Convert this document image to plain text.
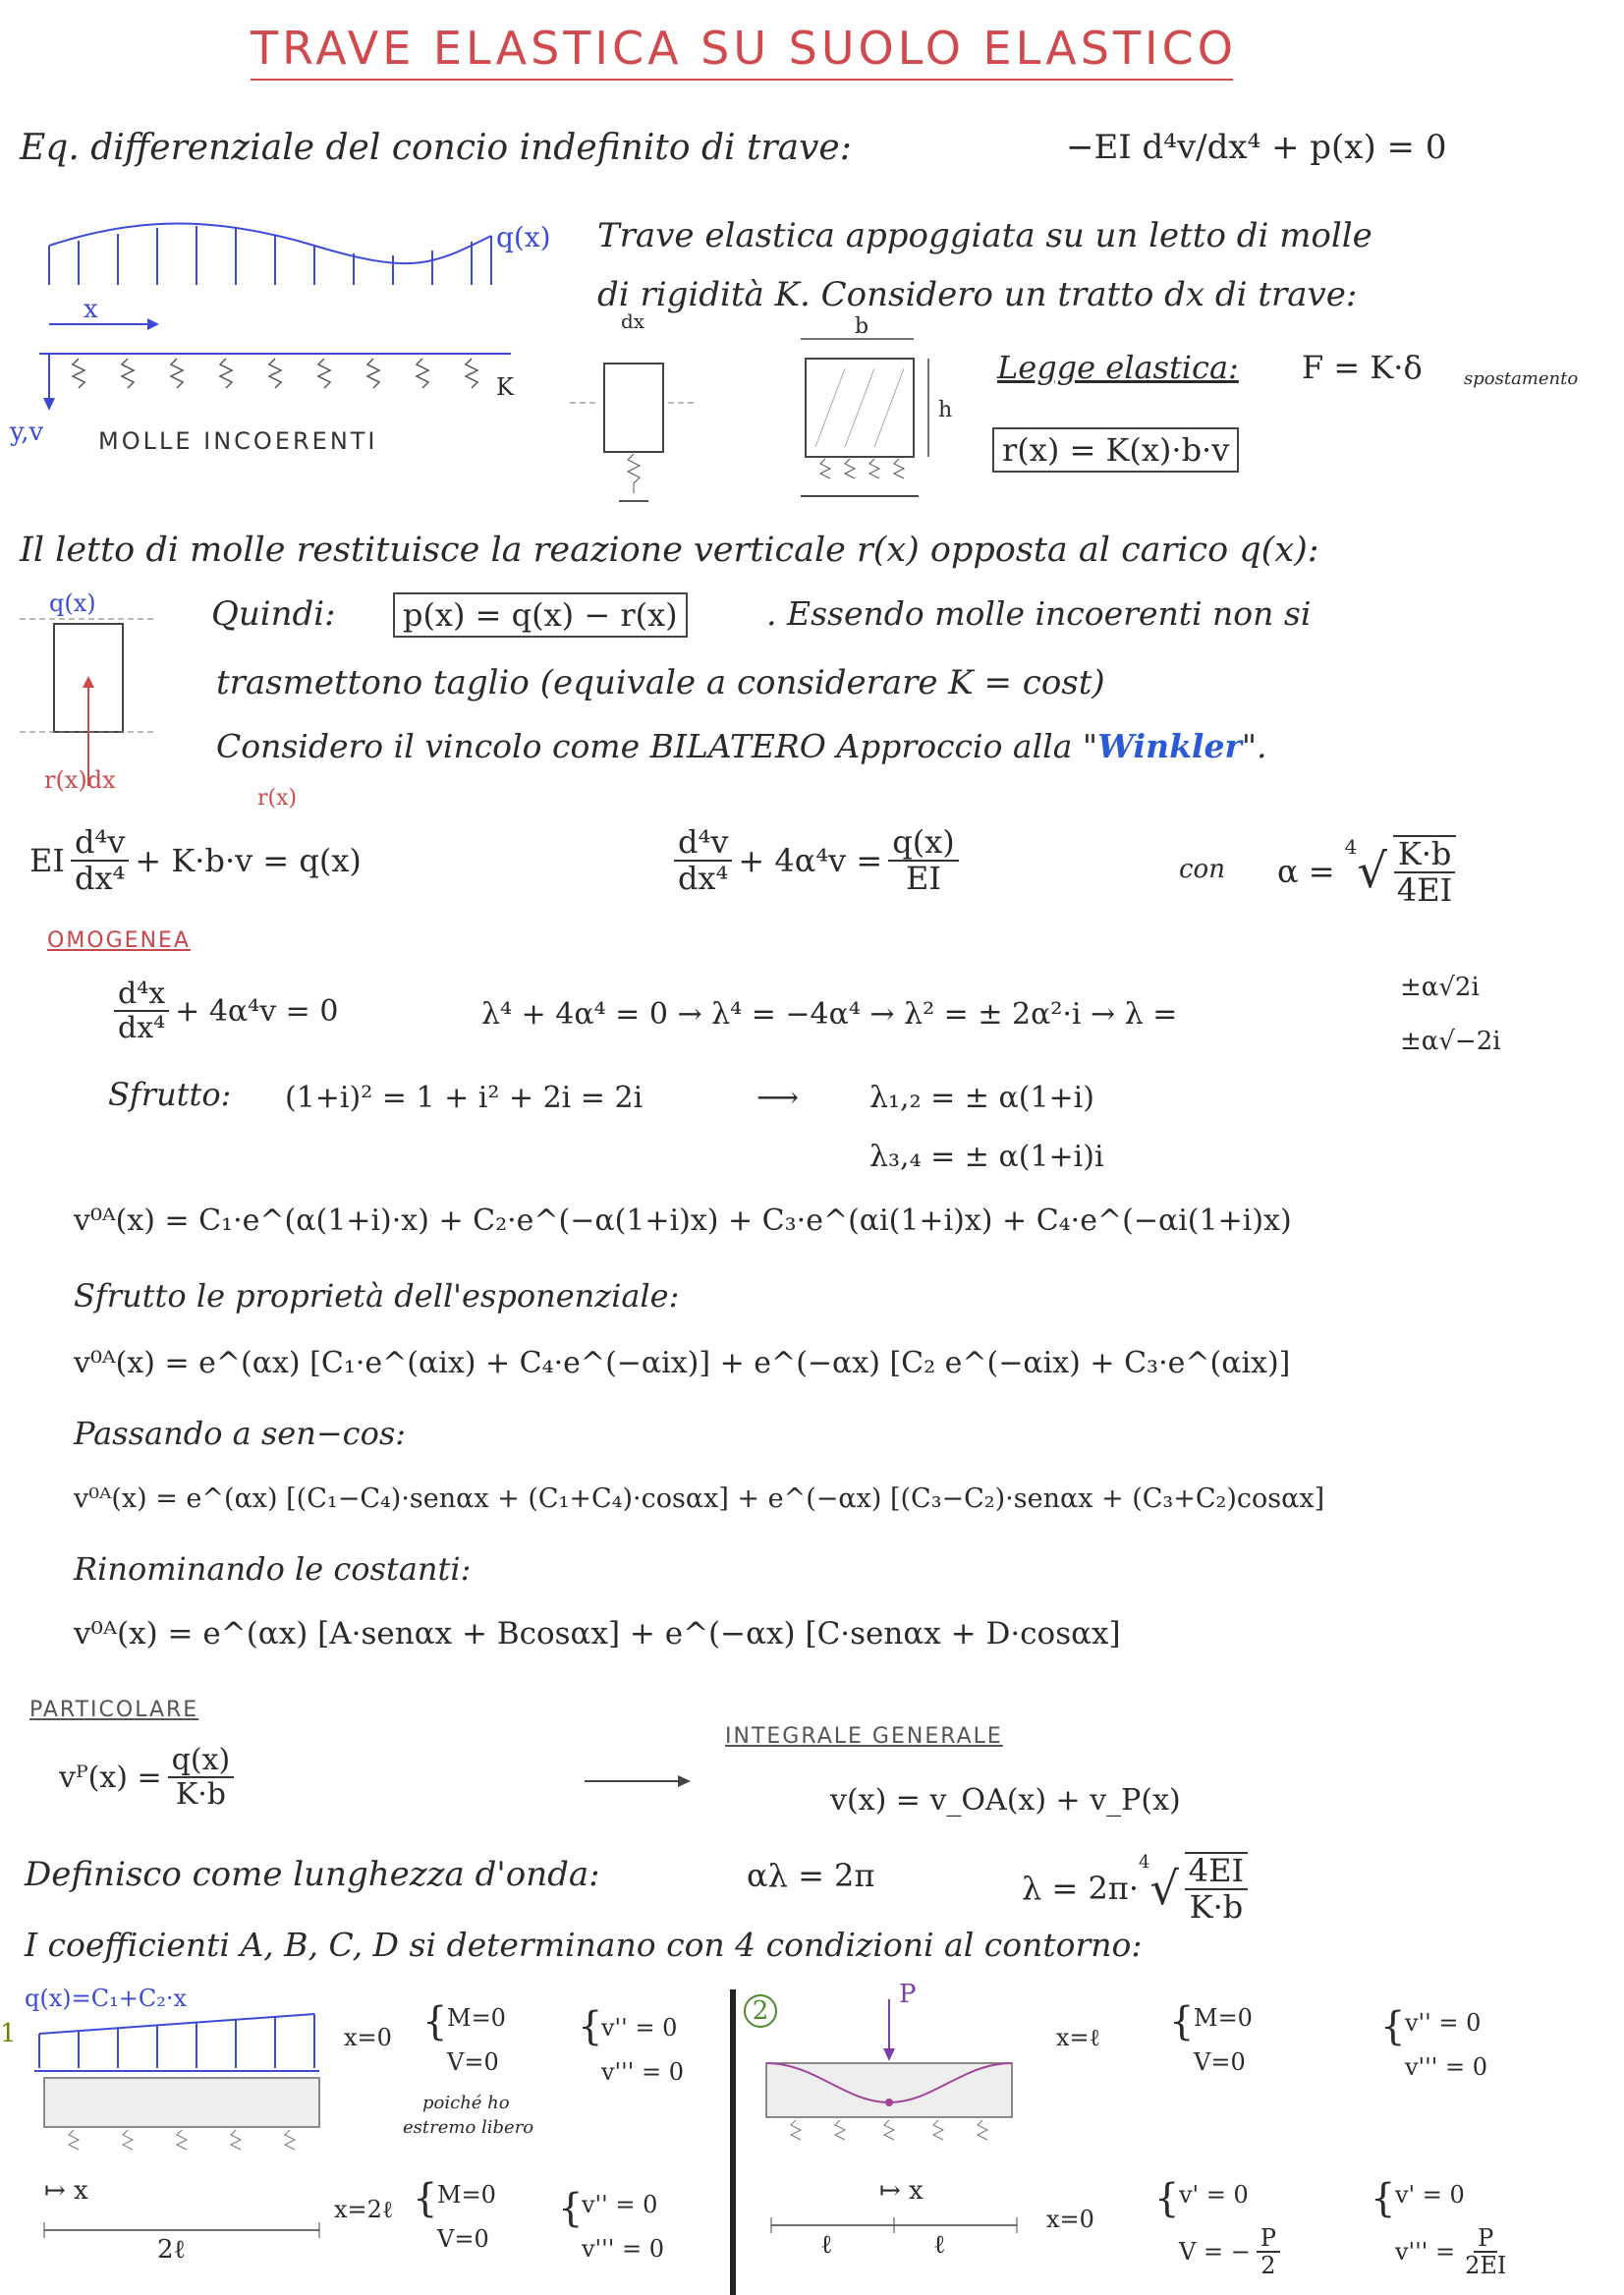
TRAVE ELASTICA SU SUOLO ELASTICO
Eq. differenziale del concio indefinito di trave:	−EI d⁴v/dx⁴ + p(x) = 0
q(x)
x
K
y,v MOLLE INCOERENTI
dx	b
h
Trave elastica appoggiata su un letto di molle
di rigidità K. Considero un tratto dx di trave:
Legge elastica: F = K·δ spostamento
r(x) = K(x)·b·v
Il letto di molle restituisce la reazione verticale r(x) opposta al carico q(x):
q(x)
r(x)dx
Quindi:	p(x) = q(x) − r(x)	. Essendo molle incoerenti non si
trasmettono taglio (equivale a considerare K = cost)
Considero il vincolo come BILATERO Approccio alla "Winkler".
r(x)
EI $\frac{\text{d⁴v}}{\text{dx⁴}} + K\cdot b\cdot v = q(x)$	$\frac{\text{d⁴v}}{\text{dx⁴}} + 4\alpha^4v = \frac{q(x)}{EI}$	con α =
4 √ $\frac{K\cdot b}{4EI}$
OMOGENEA
$\frac{\text{d⁴x}}{\text{dx⁴}} + 4\alpha^4v = 0$	λ⁴ + 4α⁴ = 0 → λ⁴ = −4α⁴ → λ² = ± 2α²·i → λ =
±α√2i
±α√−2i
Sfrutto: (1+i)² = 1 + i² + 2i = 2i	⟶ λ₁,₂ = ± α(1+i)
λ₃,₄ = ± α(1+i)i
v⁰ᴬ(x) = C₁·e^(α(1+i)·x) + C₂·e^(−α(1+i)x) + C₃·e^(αi(1+i)x) + C₄·e^(−αi(1+i)x)
Sfrutto le proprietà dell'esponenziale:
v⁰ᴬ(x) = e^(αx) [C₁·e^(αix) + C₄·e^(−αix)] + e^(−αx) [C₂ e^(−αix) + C₃·e^(αix)]
Passando a sen−cos:
v⁰ᴬ(x) = e^(αx) [(C₁−C₄)·senαx + (C₁+C₄)·cosαx] + e^(−αx) [(C₃−C₂)·senαx + (C₃+C₂)cosαx]
Rinominando le costanti:
v⁰ᴬ(x) = e^(αx) [A·senαx + Bcosαx] + e^(−αx) [C·senαx + D·cosαx]
PARTICOLARE
vᴾ(x) = $\frac{q(x)}{K\cdot b}$
INTEGRALE GENERALE
v(x) = v_OA(x) + v_P(x)
Definisco come lunghezza d'onda:	αλ = 2π	λ = 2π·
4 √ $\frac{4EI}{K\cdot b}$
I coefficienti A, B, C, D si determinano con 4 condizioni al contorno:
1
q(x)=C₁+C₂·x
x=0 { M=0
V=0
{
v'' = 0
v''' = 0
poiché ho
estremo libero
↦ x
2ℓ
x=2ℓ { M=0
V=0
{
v'' = 0
v''' = 0
2
P
x=ℓ { M=0
V=0
{ v'' = 0
v''' = 0
↦ x
ℓ	ℓ
x=0 { v' = 0
V = − $\frac{P}{2}$
{ v' = 0
$v''' = \frac{P}{2EI}$
